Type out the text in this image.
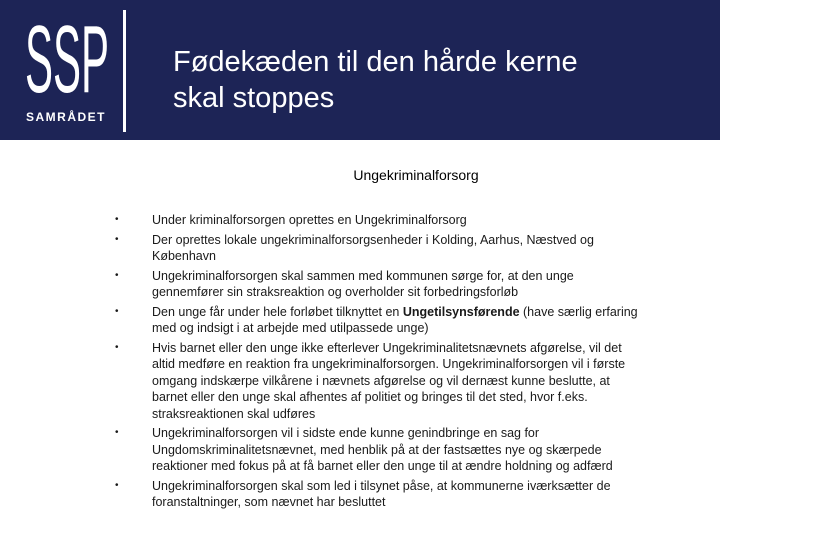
SSP
SAMRÅDET
Fødekæden til den hårde kerne
skal stoppes
Ungekriminalforsorg
•	Under kriminalforsorgen oprettes en Ungekriminalforsorg
•	Der oprettes lokale ungekriminalforsorgsenheder i Kolding, Aarhus, Næstved og
København
•	Ungekriminalforsorgen skal sammen med kommunen sørge for, at den unge
gennemfører sin straksreaktion og overholder sit forbedringsforløb
•	Den unge får under hele forløbet tilknyttet en Ungetilsynsførende (have særlig erfaring
med og indsigt i at arbejde med utilpassede unge)
•	Hvis barnet eller den unge ikke efterlever Ungekriminalitetsnævnets afgørelse, vil det
altid medføre en reaktion fra ungekriminalforsorgen. Ungekriminalforsorgen vil i første
omgang indskærpe vilkårene i nævnets afgørelse og vil dernæst kunne beslutte, at
barnet eller den unge skal afhentes af politiet og bringes til det sted, hvor f.eks.
straksreaktionen skal udføres
•	Ungekriminalforsorgen vil i sidste ende kunne genindbringe en sag for
Ungdomskriminalitetsnævnet, med henblik på at der fastsættes nye og skærpede
reaktioner med fokus på at få barnet eller den unge til at ændre holdning og adfærd
•	Ungekriminalforsorgen skal som led i tilsynet påse, at kommunerne iværksætter de
foranstaltninger, som nævnet har besluttet
